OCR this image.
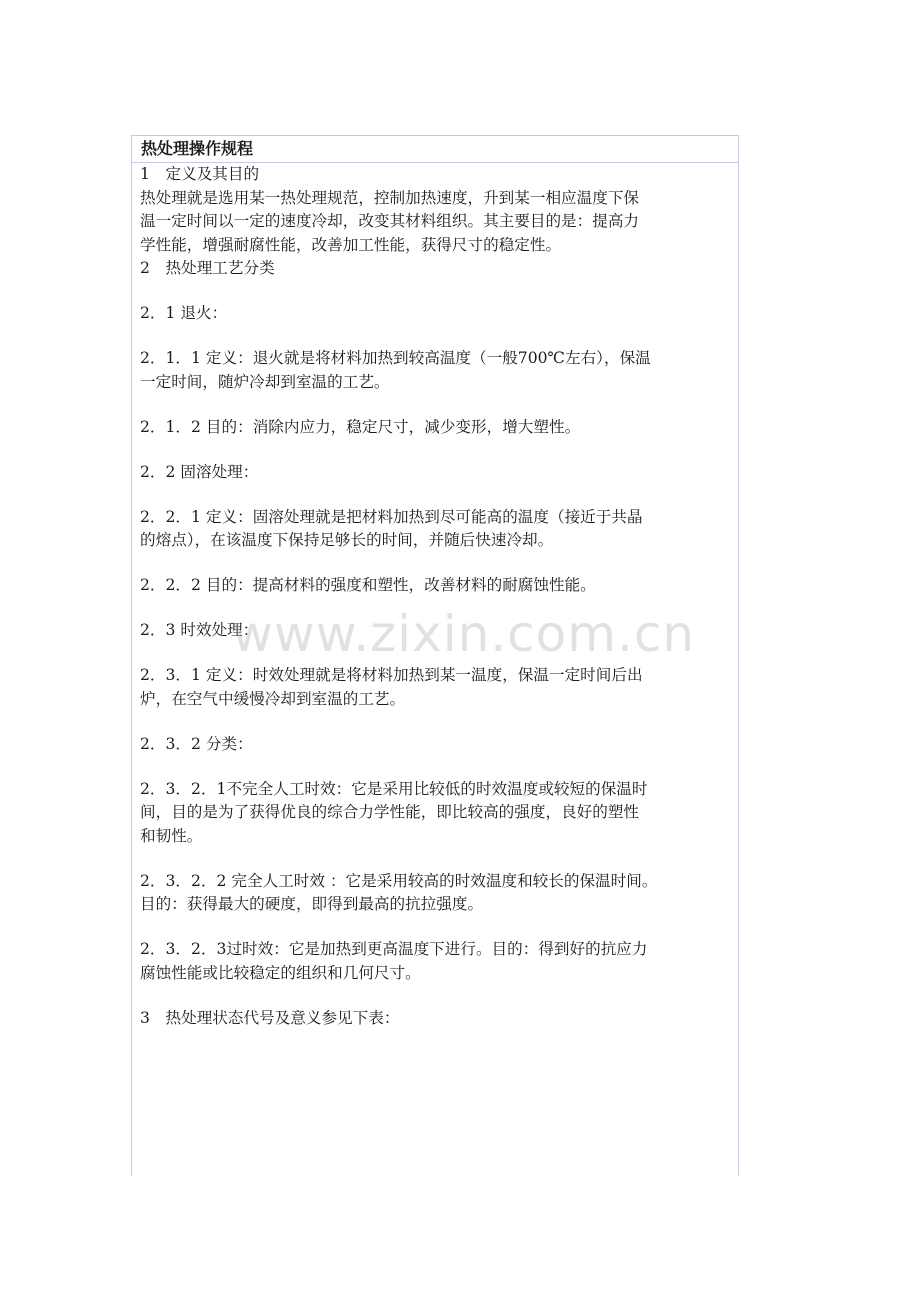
热处理操作规程
1　定义及其目的
热处理就是选用某一热处理规范，控制加热速度，升到某一相应温度下保
温一定时间以一定的速度冷却，改变其材料组织。其主要目的是：提高力
学性能，增强耐腐性能，改善加工性能，获得尺寸的稳定性。
2　热处理工艺分类
2．1 退火：
2．1．1 定义：退火就是将材料加热到较高温度（一般700℃左右），保温
一定时间，随炉冷却到室温的工艺。
2．1．2 目的：消除内应力，稳定尺寸，减少变形，增大塑性。
2．2 固溶处理：
2．2．1 定义：固溶处理就是把材料加热到尽可能高的温度（接近于共晶
的熔点），在该温度下保持足够长的时间，并随后快速冷却。
2．2．2 目的：提高材料的强度和塑性，改善材料的耐腐蚀性能。
2．3 时效处理：
2．3．1 定义：时效处理就是将材料加热到某一温度，保温一定时间后出
炉，在空气中缓慢冷却到室温的工艺。
2．3．2 分类：
2．3．2．1不完全人工时效：它是采用比较低的时效温度或较短的保温时
间，目的是为了获得优良的综合力学性能，即比较高的强度，良好的塑性
和韧性。
2．3．2．2 完全人工时效 ：它是采用较高的时效温度和较长的保温时间。
目的：获得最大的硬度，即得到最高的抗拉强度。
2．3．2．3过时效：它是加热到更高温度下进行。目的：得到好的抗应力
腐蚀性能或比较稳定的组织和几何尺寸。
3　热处理状态代号及意义参见下表：
www.zixin.com.cn
